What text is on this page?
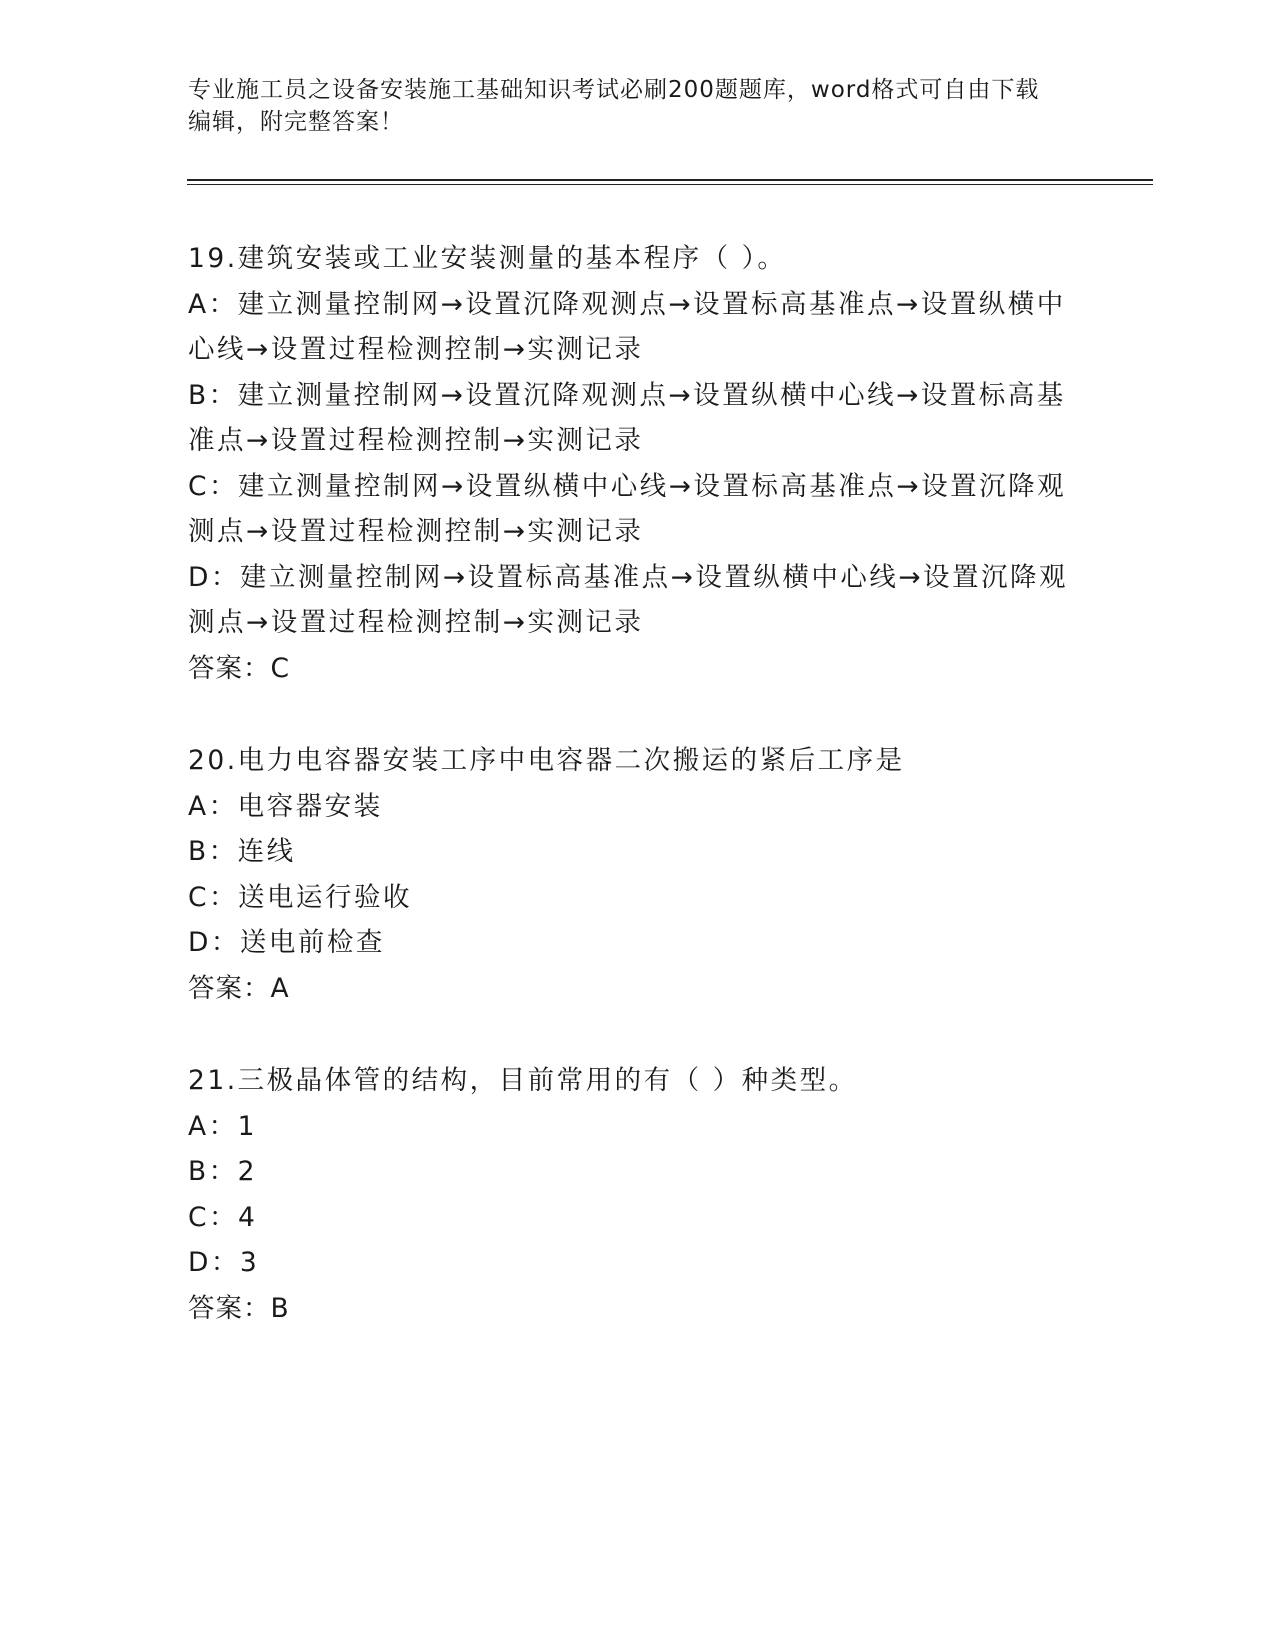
专业施工员之设备安装施工基础知识考试必刷200题题库，word格式可自由下载
编辑，附完整答案！
19.建筑安装或工业安装测量的基本程序（ ）。
A：建立测量控制网→设置沉降观测点→设置标高基准点→设置纵横中心线→设置过程检测控制→实测记录
B：建立测量控制网→设置沉降观测点→设置纵横中心线→设置标高基准点→设置过程检测控制→实测记录
C：建立测量控制网→设置纵横中心线→设置标高基准点→设置沉降观测点→设置过程检测控制→实测记录
D：建立测量控制网→设置标高基准点→设置纵横中心线→设置沉降观测点→设置过程检测控制→实测记录
答案：C
20.电力电容器安装工序中电容器二次搬运的紧后工序是
A：电容器安装
B：连线
C：送电运行验收
D：送电前检查
答案：A
21.三极晶体管的结构，目前常用的有（ ）种类型。
A：1
B：2
C：4
D：3
答案：B
